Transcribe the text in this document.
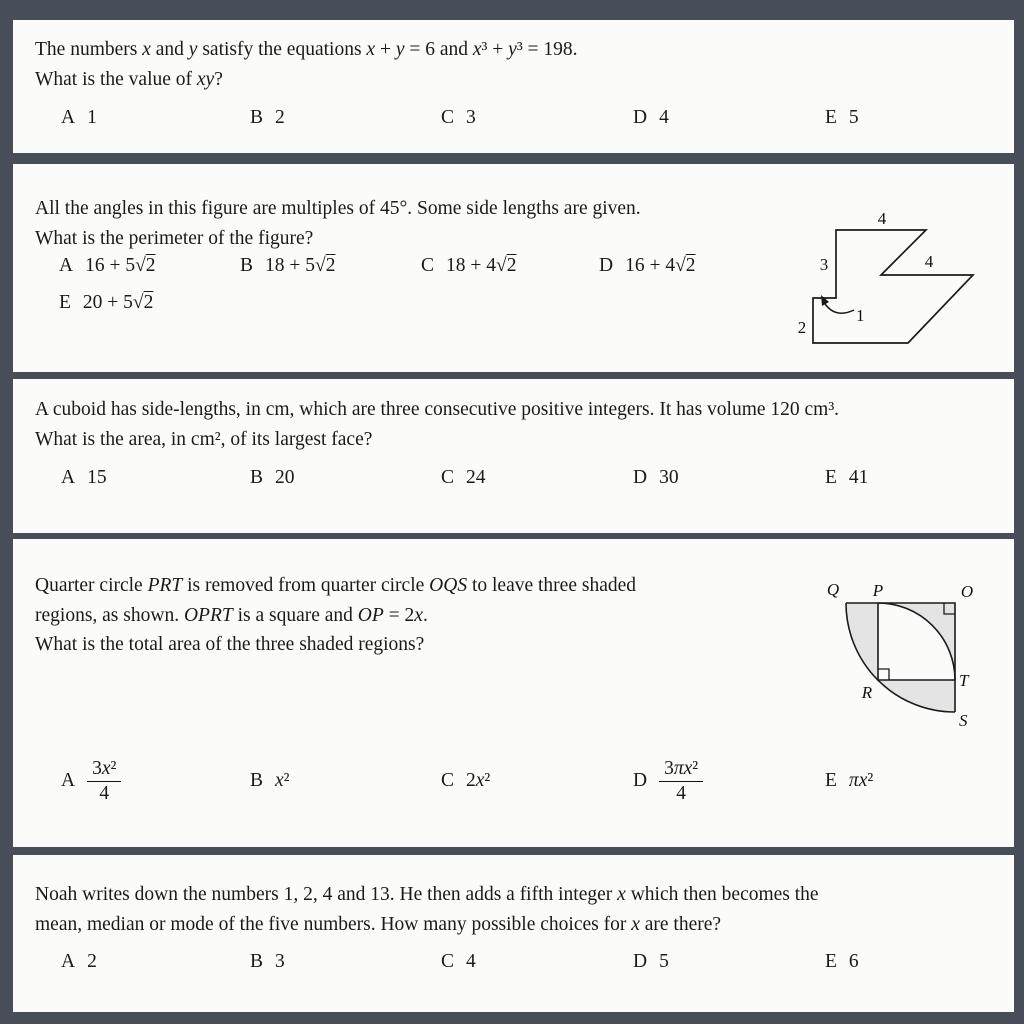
The numbers x and y satisfy the equations x + y = 6 and x³ + y³ = 198.
What is the value of xy?
A 1	B 2	C 3	D 4	E 5
All the angles in this figure are multiples of 45°. Some side lengths are given.
What is the perimeter of the figure?
A 16 + 5√2	B 18 + 5√2	C 18 + 4√2	D 16 + 4√2
E 20 + 5√2
4
3	4
2
1
A cuboid has side-lengths, in cm, which are three consecutive positive integers. It has volume 120 cm³.
What is the area, in cm², of its largest face?
A 15	B 20	C 24	D 30	E 41
Quarter circle PRT is removed from quarter circle OQS to leave three shaded
regions, as shown. OPRT is a square and OP = 2x.
What is the total area of the three shaded regions?
A $\frac{\text{3x²}}{4}$	B x²	C 2x²	D $\frac{\text{3πx²}}{4}$	E πx²
Q P	O
R
T
S
Noah writes down the numbers 1, 2, 4 and 13. He then adds a fifth integer x which then becomes the
mean, median or mode of the five numbers. How many possible choices for x are there?
A 2	B 3	C 4	D 5	E 6
